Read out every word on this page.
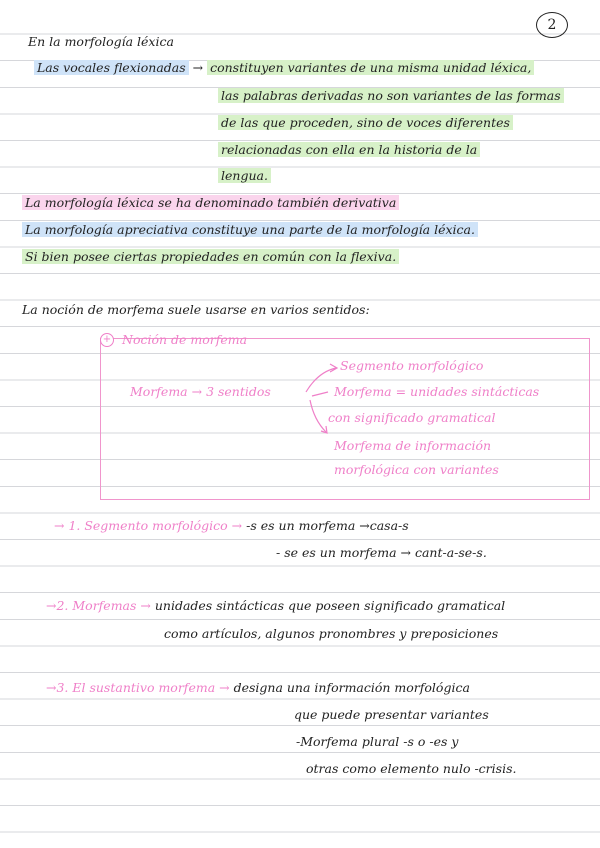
2
En la morfología léxica
Las vocales flexionadas → constituyen variantes de una misma unidad léxica,
las palabras derivadas no son variantes de las formas
de las que proceden, sino de voces diferentes
relacionadas con ella en la historia de la
lengua.
La morfología léxica se ha denominado también derivativa
La morfología apreciativa constituye una parte de la morfología léxica.
Si bien posee ciertas propiedades en común con la flexiva.
La noción de morfema suele usarse en varios sentidos:
+ Noción de morfema
Morfema → 3 sentidos
Segmento morfológico
Morfema = unidades sintácticas
con significado gramatical
Morfema de información
morfológica con variantes
→ 1. Segmento morfológico → -s es un morfema →casa-s
- se es un morfema → cant-a-se-s.
→2. Morfemas → unidades sintácticas que poseen significado gramatical
como artículos, algunos pronombres y preposiciones
→3. El sustantivo morfema → designa una información morfológica
que puede presentar variantes
-Morfema plural -s o -es y
otras como elemento nulo -crisis.
